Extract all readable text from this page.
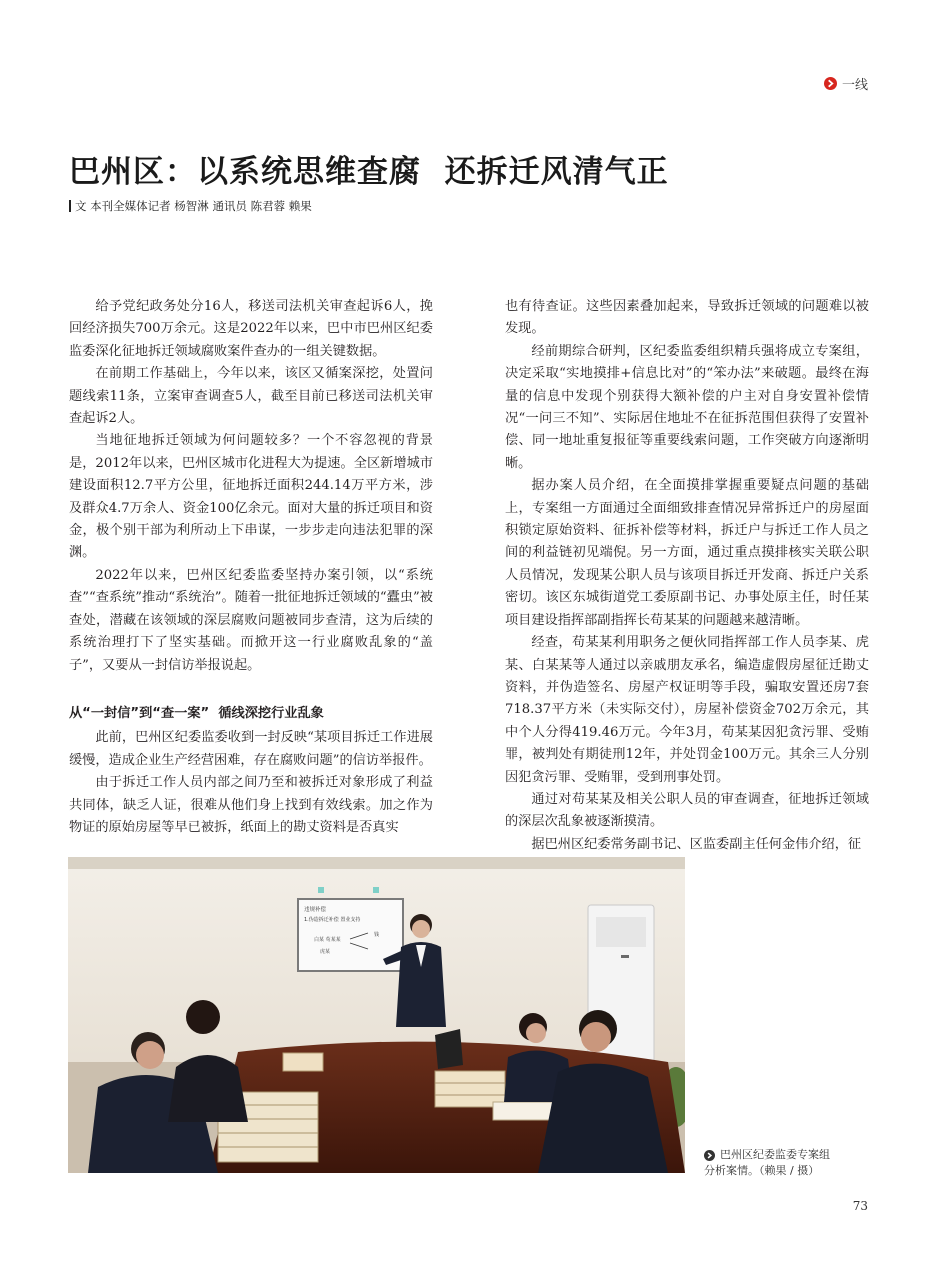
一线
巴州区：以系统思维查腐  还拆迁风清气正
文 本刊全媒体记者 杨智淋 通讯员 陈君蓉 赖果

给予党纪政务处分16人，移送司法机关审查起诉6人，挽回经济损失700万余元。这是2022年以来，巴中市巴州区纪委监委深化征地拆迁领域腐败案件查办的一组关键数据。

在前期工作基础上，今年以来，该区又循案深挖，处置问题线索11条，立案审查调查5人，截至目前已移送司法机关审查起诉2人。

当地征地拆迁领域为何问题较多？一个不容忽视的背景是，2012年以来，巴州区城市化进程大为提速。全区新增城市建设面积12.7平方公里，征地拆迁面积244.14万平方米，涉及群众4.7万余人、资金100亿余元。面对大量的拆迁项目和资金，极个别干部为利所动上下串谋，一步步走向违法犯罪的深渊。

2022年以来，巴州区纪委监委坚持办案引领，以“系统查”“查系统”推动“系统治”。随着一批征地拆迁领域的“蠹虫”被查处，潜藏在该领域的深层腐败问题被同步查清，这为后续的系统治理打下了坚实基础。而掀开这一行业腐败乱象的“盖子”，又要从一封信访举报说起。

从“一封信”到“查一案”  循线深挖行业乱象

此前，巴州区纪委监委收到一封反映“某项目拆迁工作进展缓慢，造成企业生产经营困难，存在腐败问题”的信访举报件。

由于拆迁工作人员内部之间乃至和被拆迁对象形成了利益共同体，缺乏人证，很难从他们身上找到有效线索。加之作为物证的原始房屋等早已被拆，纸面上的勘丈资料是否真实

也有待查证。这些因素叠加起来，导致拆迁领域的问题难以被发现。

经前期综合研判，区纪委监委组织精兵强将成立专案组，决定采取“实地摸排+信息比对”的“笨办法”来破题。最终在海量的信息中发现个别获得大额补偿的户主对自身安置补偿情况“一问三不知”、实际居住地址不在征拆范围但获得了安置补偿、同一地址重复报征等重要线索问题，工作突破方向逐渐明晰。

据办案人员介绍，在全面摸排掌握重要疑点问题的基础上，专案组一方面通过全面细致排查情况异常拆迁户的房屋面积锁定原始资料、征拆补偿等材料，拆迁户与拆迁工作人员之间的利益链初见端倪。另一方面，通过重点摸排核实关联公职人员情况，发现某公职人员与该项目拆迁开发商、拆迁户关系密切。该区东城街道党工委原副书记、办事处原主任，时任某项目建设指挥部副指挥长苟某某的问题越来越清晰。

经查，苟某某利用职务之便伙同指挥部工作人员李某、虎某、白某某等人通过以亲戚朋友承名，编造虚假房屋征迁勘丈资料，并伪造签名、房屋产权证明等手段，骗取安置还房7套718.37平方米（未实际交付），房屋补偿资金702万余元，其中个人分得419.46万元。今年3月，苟某某因犯贪污罪、受贿罪，被判处有期徒刑12年，并处罚金100万元。其余三人分别因犯贪污罪、受贿罪，受到刑事处罚。

通过对苟某某及相关公职人员的审查调查，征地拆迁领域的深层次乱象被逐渐摸清。

据巴州区纪委常务副书记、区监委副主任何金伟介绍，征

违规补偿
1.伪造拆迁补偿 置业支持
钱
白某 苟某某
虎某
巴州区纪委监委专案组
分析案情。（赖果 / 摄）
73
